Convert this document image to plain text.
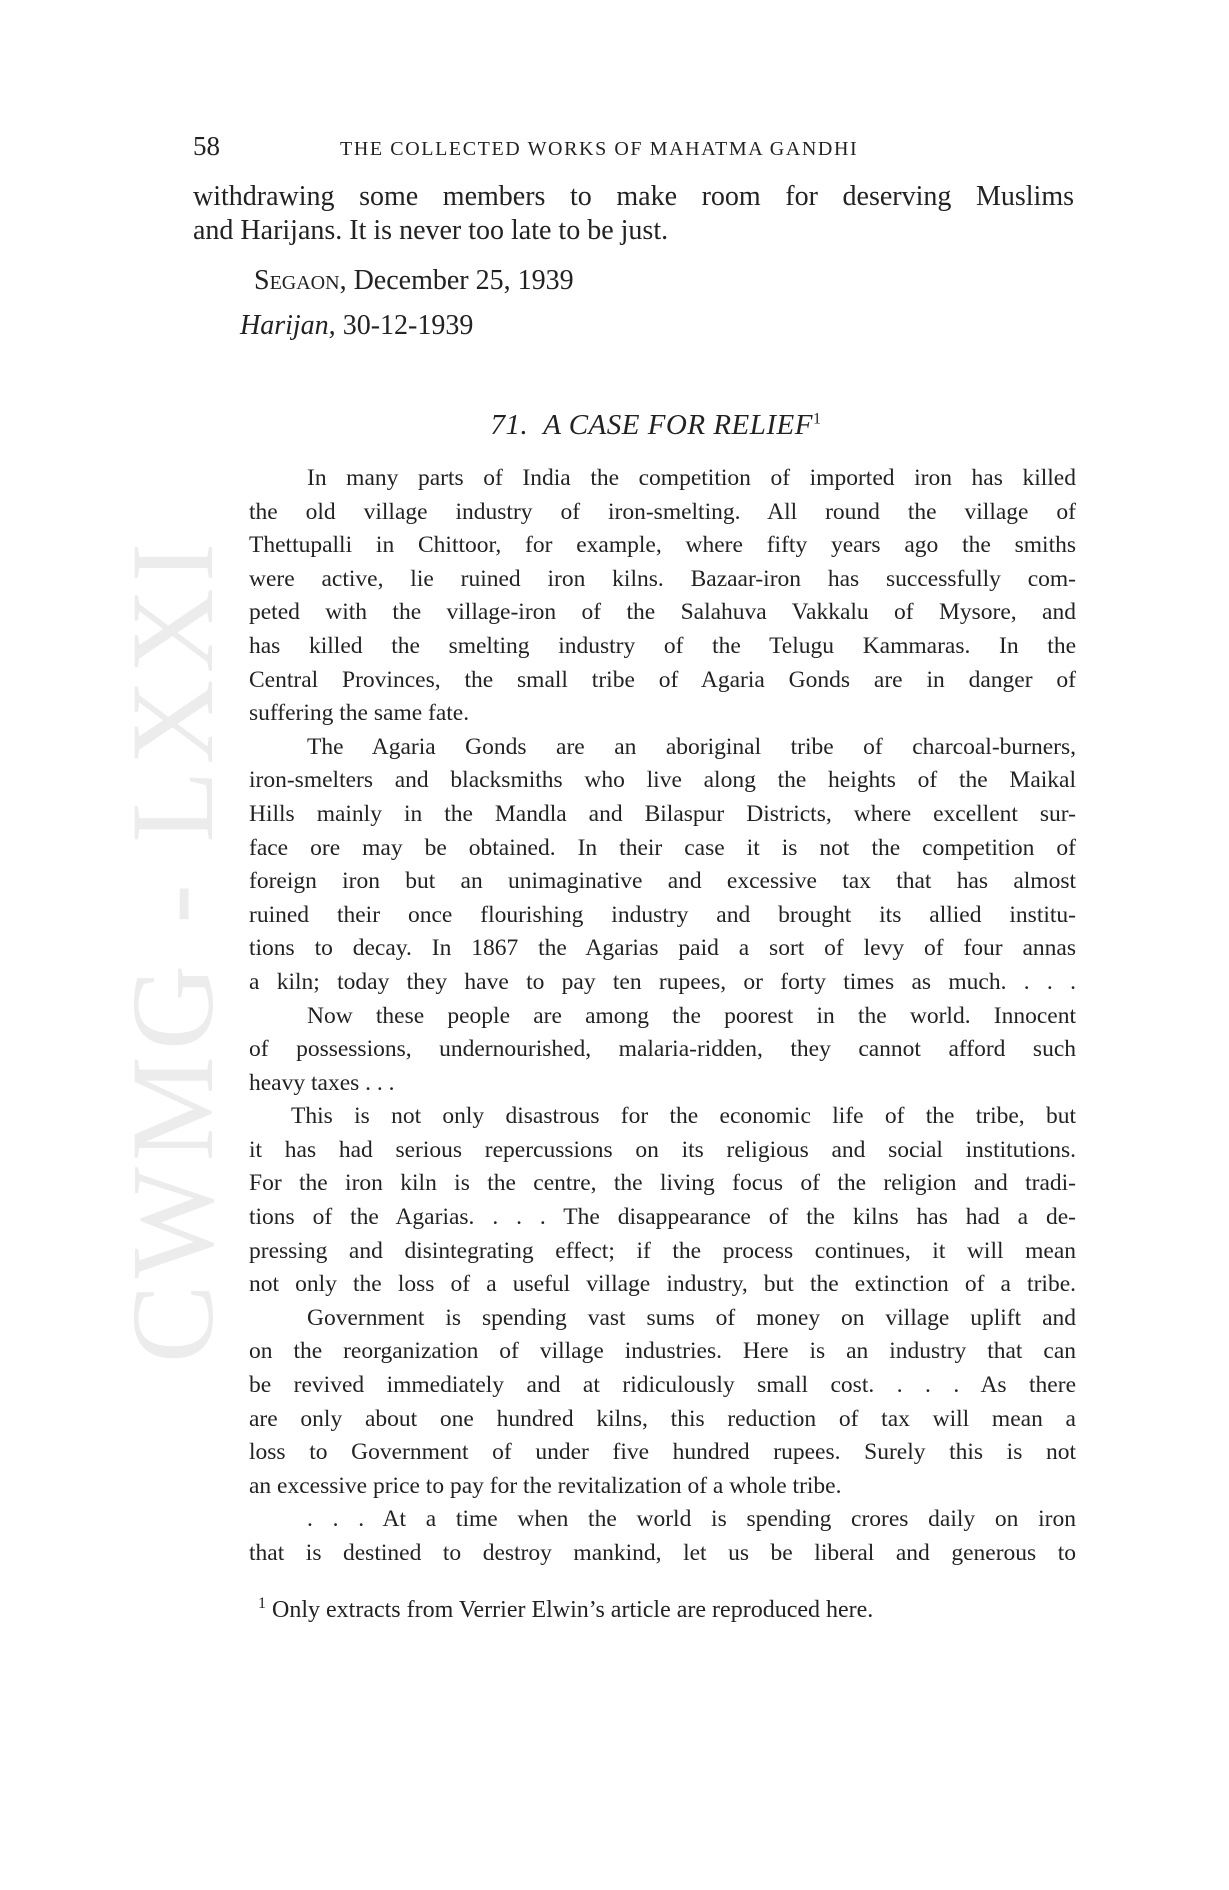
CWMG - LXXI
58	THE COLLECTED WORKS OF MAHATMA GANDHI
withdrawing some members to make room for deserving Muslims
and Harijans. It is never too late to be just.
Segaon, December 25, 1939
Harijan, 30-12-1939
71. A CASE FOR RELIEF$^1$

In many parts of India the competition of imported iron has killed
the old village industry of iron-smelting. All round the village of
Thettupalli in Chittoor, for example, where fifty years ago the smiths
were active, lie ruined iron kilns. Bazaar-iron has successfully com-
peted with the village-iron of the Salahuva Vakkalu of Mysore, and
has killed the smelting industry of the Telugu Kammaras. In the
Central Provinces, the small tribe of Agaria Gonds are in danger of
suffering the same fate.

The Agaria Gonds are an aboriginal tribe of charcoal-burners,
iron-smelters and blacksmiths who live along the heights of the Maikal
Hills mainly in the Mandla and Bilaspur Districts, where excellent sur-
face ore may be obtained. In their case it is not the competition of
foreign iron but an unimaginative and excessive tax that has almost
ruined their once flourishing industry and brought its allied institu-
tions to decay. In 1867 the Agarias paid a sort of levy of four annas
a kiln; today they have to pay ten rupees, or forty times as much. . . .

Now these people are among the poorest in the world. Innocent
of possessions, undernourished, malaria-ridden, they cannot afford such
heavy taxes . . .

This is not only disastrous for the economic life of the tribe, but
it has had serious repercussions on its religious and social institutions.
For the iron kiln is the centre, the living focus of the religion and tradi-
tions of the Agarias. . . . The disappearance of the kilns has had a de-
pressing and disintegrating effect; if the process continues, it will mean
not only the loss of a useful village industry, but the extinction of a tribe.

Government is spending vast sums of money on village uplift and
on the reorganization of village industries. Here is an industry that can
be revived immediately and at ridiculously small cost. . . . As there
are only about one hundred kilns, this reduction of tax will mean a
loss to Government of under five hundred rupees. Surely this is not
an excessive price to pay for the revitalization of a whole tribe.

. . . At a time when the world is spending crores daily on iron
that is destined to destroy mankind, let us be liberal and generous to

$^1$ Only extracts from Verrier Elwin’s article are reproduced here.
